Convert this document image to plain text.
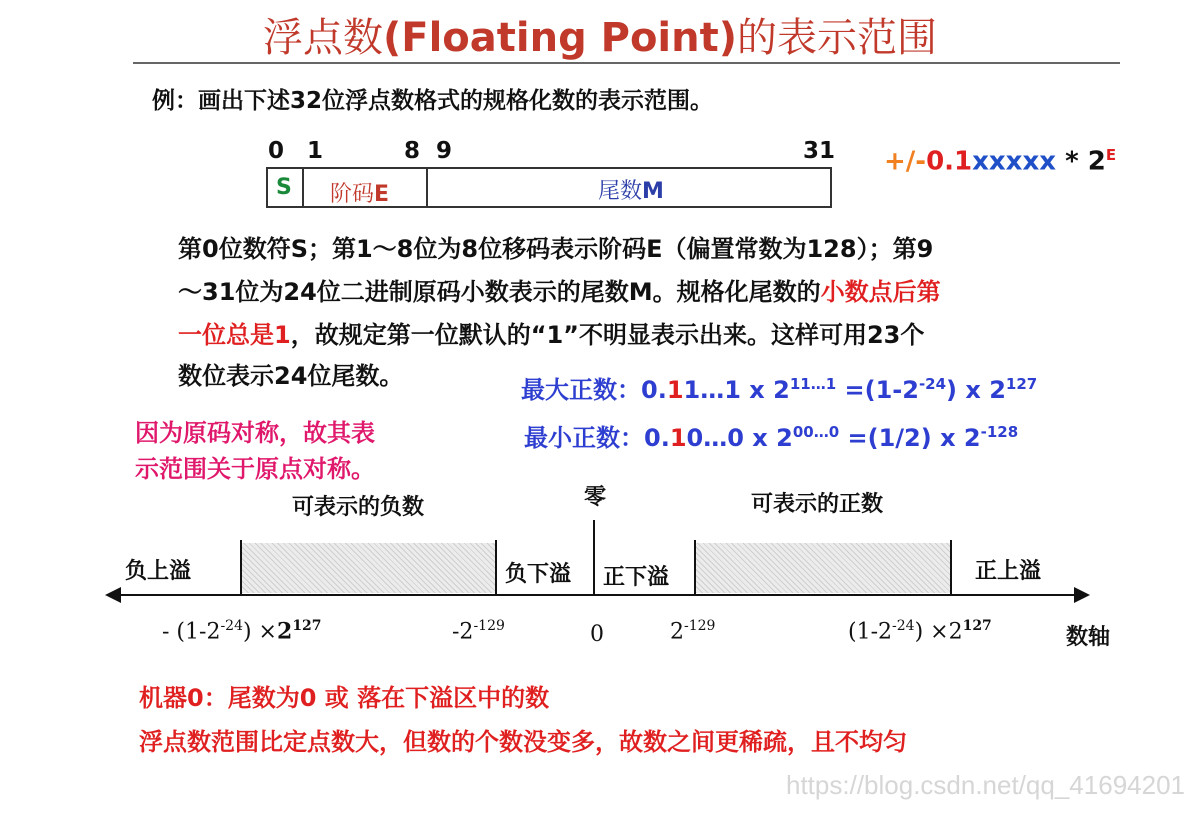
浮点数(Floating Point)的表示范围
例：画出下述32位浮点数格式的规格化数的表示范围。
0 1	8 9	31
S 阶码E	尾数M
+/-0.1xxxxx * $2^E$
第0位数符S；第1～8位为8位移码表示阶码E（偏置常数为128）；第9
～31位为24位二进制原码小数表示的尾数M。规格化尾数的小数点后第
一位总是1，故规定第一位默认的“1”不明显表示出来。这样可用23个
数位表示24位尾数。	最大正数：0.11…1 x $2^{11\dots 1} =(1-2^{-24})$ x $2^{127}$
最小正数：0.10…0 x $2^{00\dots 0} =(1/2)$ x $2^{-128}$
因为原码对称，故其表
示范围关于原点对称。
可表示的负数	零	可表示的正数
负上溢	负下溢 正下溢	正上溢
- $(1-2^{-24}) \times 2^{127}$	$-2^{-129}$	0	$2^{-129}$	$(1-2^{-24}) \times 2^{127}$	数轴
机器0：尾数为0 或 落在下溢区中的数
浮点数范围比定点数大，但数的个数没变多，故数之间更稀疏，且不均匀
https://blog.csdn.net/qq_41694201
